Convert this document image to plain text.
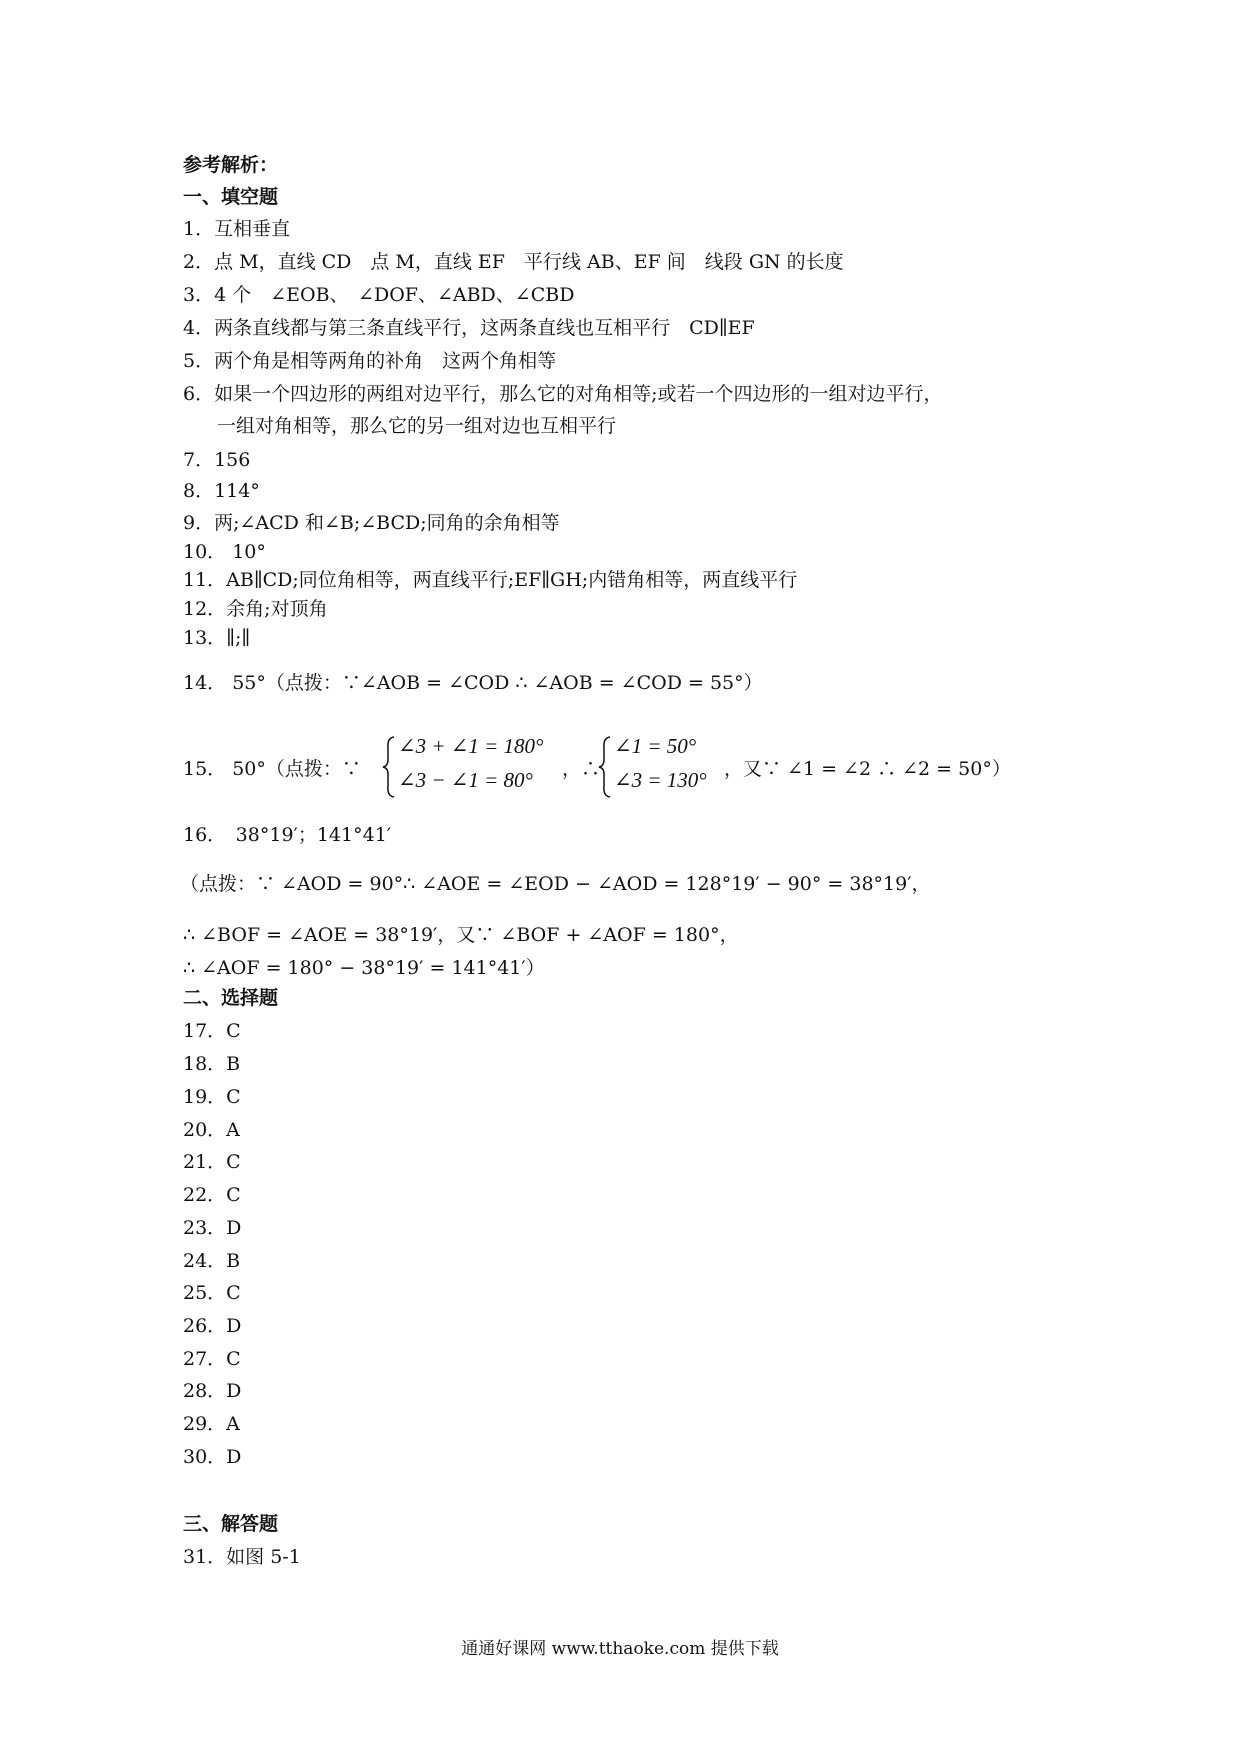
参考解析：
一、填空题
1．互相垂直
2．点 M，直线 CD　点 M，直线 EF　平行线 AB、EF 间　线段 GN 的长度
3．4 个　∠EOB、　∠DOF、∠ABD、∠CBD
4．两条直线都与第三条直线平行，这两条直线也互相平行　CD∥EF
5．两个角是相等两角的补角　这两个角相等
6．如果一个四边形的两组对边平行，那么它的对角相等;或若一个四边形的一组对边平行，
一组对角相等，那么它的另一组对边也互相平行
7．156
8．114°
9．两;∠ACD 和∠B;∠BCD;同角的余角相等
10． 10°
11．AB∥CD;同位角相等，两直线平行;EF∥GH;内错角相等，两直线平行
12．余角;对顶角
13．∥;∥
14． 55°（点拨：∵∠AOB = ∠COD ∴ ∠AOB = ∠COD = 55°）
15． 50°（点拨：∵
∠3 + ∠1 = 180°
∠3 − ∠1 = 80° ，∴
∠1 = 50°
∠3 = 130° ，又∵ ∠1 = ∠2 ∴ ∠2 = 50°）
16．　38°19′；141°41′
（点拨：∵ ∠AOD = 90°∴ ∠AOE = ∠EOD − ∠AOD = 128°19′ − 90° = 38°19′，
∴ ∠BOF = ∠AOE = 38°19′，又∵ ∠BOF + ∠AOF = 180°，
∴ ∠AOF = 180° − 38°19′ = 141°41′）
二、选择题
17．C
18．B
19．C
20．A
21．C
22．C
23．D
24．B
25．C
26．D
27．C
28．D
29．A
30．D
三、解答题
31．如图 5-1
通通好课网 www.tthaoke.com 提供下载
